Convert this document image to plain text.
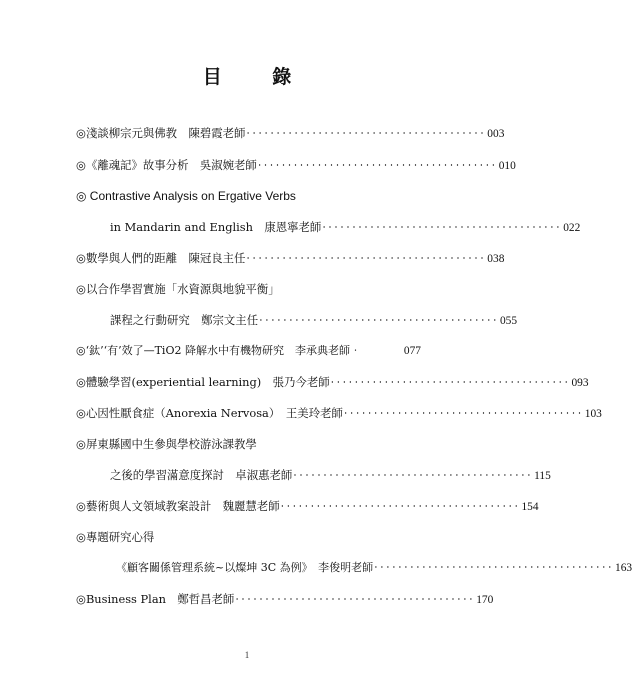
目 錄
◎淺談柳宗元與佛教　陳碧霞老師 ‧‧‧‧‧‧‧‧‧‧‧‧‧‧‧‧‧‧‧‧‧‧‧‧‧‧‧‧‧‧‧‧‧‧‧‧‧‧‧‧ 003
◎《離魂記》故事分析　吳淑婉老師 ‧‧‧‧‧‧‧‧‧‧‧‧‧‧‧‧‧‧‧‧‧‧‧‧‧‧‧‧‧‧‧‧‧‧‧‧‧‧‧‧ 010
◎ Contrastive Analysis on Ergative Verbs
in Mandarin and English　康恩寧老師 ‧‧‧‧‧‧‧‧‧‧‧‧‧‧‧‧‧‧‧‧‧‧‧‧‧‧‧‧‧‧‧‧‧‧‧‧‧‧‧‧ 022
◎數學與人們的距離　陳冠良主任 ‧‧‧‧‧‧‧‧‧‧‧‧‧‧‧‧‧‧‧‧‧‧‧‧‧‧‧‧‧‧‧‧‧‧‧‧‧‧‧‧ 038
◎以合作學習實施「水資源與地貌平衡」
課程之行動研究　鄭宗文主任 ‧‧‧‧‧‧‧‧‧‧‧‧‧‧‧‧‧‧‧‧‧‧‧‧‧‧‧‧‧‧‧‧‧‧‧‧‧‧‧‧ 055
◎‘鈦’‘有’效了—TiO2 降解水中有機物研究　李承典老師‧	077
◎體驗學習(experiential learning)　張乃今老師 ‧‧‧‧‧‧‧‧‧‧‧‧‧‧‧‧‧‧‧‧‧‧‧‧‧‧‧‧‧‧‧‧‧‧‧‧‧‧‧‧ 093
◎心因性厭食症（Anorexia Nervosa）　王美玲老師 ‧‧‧‧‧‧‧‧‧‧‧‧‧‧‧‧‧‧‧‧‧‧‧‧‧‧‧‧‧‧‧‧‧‧‧‧‧‧‧‧ 103
◎屏東縣國中生參與學校游泳課教學
之後的學習滿意度探討　卓淑惠老師 ‧‧‧‧‧‧‧‧‧‧‧‧‧‧‧‧‧‧‧‧‧‧‧‧‧‧‧‧‧‧‧‧‧‧‧‧‧‧‧‧ 115
◎藝術與人文領域教案設計　魏麗慧老師 ‧‧‧‧‧‧‧‧‧‧‧‧‧‧‧‧‧‧‧‧‧‧‧‧‧‧‧‧‧‧‧‧‧‧‧‧‧‧‧‧ 154
◎專題研究心得
《顧客關係管理系統~以燦坤 3C 為例》　李俊明老師 ‧‧‧‧‧‧‧‧‧‧‧‧‧‧‧‧‧‧‧‧‧‧‧‧‧‧‧‧‧‧‧‧‧‧‧‧‧‧‧‧ 163
◎Business Plan　鄭哲昌老師 ‧‧‧‧‧‧‧‧‧‧‧‧‧‧‧‧‧‧‧‧‧‧‧‧‧‧‧‧‧‧‧‧‧‧‧‧‧‧‧‧ 170
1
